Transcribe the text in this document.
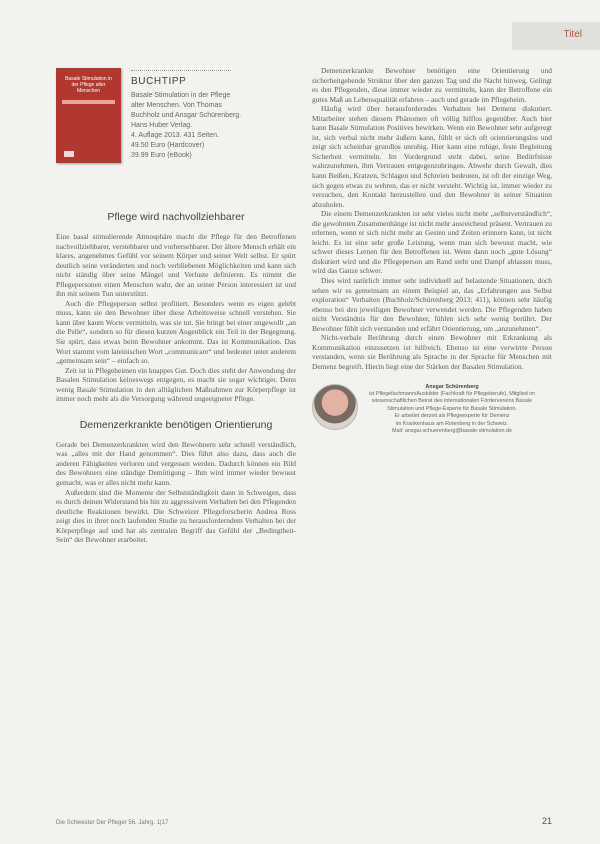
Titel
Basale Stimulation in der Pflege alter Menschen
BUCHTIPP
Basale Stimulation in der Pflege
alter Menschen. Von Thomas
Buchholz und Ansgar Schürenberg.
Hans Huber Verlag.
4. Auflage 2013. 431 Seiten.
49.50 Euro (Hardcover)
39.99 Euro (eBook)
Pflege wird nachvollziehbarer

Eine basal stimulierende Atmosphäre macht die Pflege für den Betroffenen nachvollziehbarer, verstehbarer und vorhersehbarer. Der ältere Mensch erhält ein klares, angenehmes Gefühl vor seinem Körper und seiner Welt selbst. Er spürt deutlich seine veränderten und noch verbliebenen Möglichkeiten und kann sich nicht ständig über seine Mängel und Verluste definieren. Es nimmt die Pflegepersonen einen Menschen wahr, der an seiner Person interessiert ist und ihn mit seinem Tun unterstützt.

Auch die Pflegeperson selbst profitiert. Besonders wenn es eigen gelebt muss, kann sie den Bewohner über diese Arbeitsweise schnell verstehen. Sie kann über kaum Worte vermitteln, was sie tut. Sie bringt bei einer ungewollt „an die Pelle“, sondern so für diesen kurzen Augenblick ein Teil in der Begegnung. Sie spürt, dass etwas beim Bewohner ankommt. Das ist Kommunikation. Das Wort stammt vom lateinischen Wort „communicare“ und bedeutet unter anderem „gemeinsam sein“ – einfach so.

Zeit ist in Pflegeheimen ein knappes Gut. Doch dies steht der Anwendung der Basalen Stimulation keineswegs entgegen, es macht sie sogar wichtiger. Denn wenig Basale Stimulation in den alltäglichen Maßnahmen zur Körperpflege ist immer noch mehr als die Versorgung während ungeeigneter Pflege.

Demenzerkrankte benötigen Orientierung

Gerade bei Demenzerkrankten wird den Bewohnern sehr schnell verständlich, was „alles mit der Hand genommen“. Dies führt also dazu, dass auch die anderen Fähigkeiten verloren und vergessen werden. Dadurch können ein Bild des Bewohners eine ständige Demütigung – Ihm wird immer wieder bewusst gemacht, was er alles nicht mehr kann.

Außerdem sind die Momente der Selbstständigkeit dann in Schweigen, dass es durch deinen Widerstand bis hin zu aggressivem Verhalten bei den Pflegenden deutliche Reaktionen bewirkt. Die Schweizer Pflegeforscherin Andrea Ross zeigt dies in ihrer noch laufenden Studie zu herausforderndem Verhalten bei der Körperpflege auf und hat als zentralen Begriff das Gefühl der „Bedingtheit-Sein“ der Bewohner erarbeitet.

Demenzerkrankte Bewohner benötigen eine Orientierung und sicherheitgebende Struktur über den ganzen Tag und die Nacht hinweg. Gelingt es den Pflegenden, diese immer wieder zu vermitteln, kann der Betroffene ein gutes Maß an Lebensqualität erfahren – auch und gerade im Pflegeheim.

Häufig wird über herausforderndes Verhalten bei Demenz diskutiert. Mitarbeiter stehen diesem Phänomen oft völlig hilflos gegenüber. Auch hier kann Basale Stimulation Positives bewirken. Wenn ein Bewohner sehr aufgeregt ist, sich verbal nicht mehr äußern kann, fühlt er sich oft orientierungslos und zeigt sich scheinbar grundlos unruhig. Hier kann eine ruhige, feste Begleitung Sicherheit vermitteln. Im Vordergrund steht dabei, seine Bedürfnisse wahrzunehmen, ihm Vertrauen entgegenzubringen. Abwehr durch Gewalt, dies kann Beißen, Kratzen, Schlagen und Schreien bedeuten, ist oft der einzige Weg, sich gegen etwas zu wehren, das er nicht versteht. Wichtig ist, immer wieder zu versuchen, den Kontakt herzustellen und den Bewohner in seiner Situation abzuholen.

Die einem Demenzerkrankten ist sehr vieles nicht mehr „selbstverständlich“, die gewohnten Zusammenhänge ist nicht mehr ausreichend präsent. Vertrauen zu erlernen, wenn er sich nicht mehr an Gesten und Zeiten erinnern kann, ist nicht leicht. Es ist eine sehr große Leistung, wenn man sich bewusst macht, wie schwer dieses Lernen für den Betroffenen ist. Wenn dann noch „gute Lösung“ diskutiert wird und die Pflegeperson am Rand steht und Dampf ablassen muss, wird das Ganze schwer.

Dies wird natürlich immer sehr individuell auf belastende Situationen, doch sehen wir es gemeinsam an einem Beispiel an, das „Erfahrungen aus Selbst exploration“ Verhalten (Buchholz/Schürenberg 2013: 411), können sehr häufig ebenso bei den jeweiligen Bewohner verwendet werden. Die Pflegenden haben nicht Verständnis für den Bewohner, fühlen sich sehr wenig berührt. Der Bewohner fühlt sich verstanden und erfährt Orientierung, um „anzunehmen“.

Nicht-verbale Berührung durch einen Bewohner mit Erkrankung als Kommunikation einzusetzen ist hilfreich. Ebenso ist eine verwirrte Person verstanden, wenn sie Berührung als Sprache in der Sprache für Menschen mit Demenz begreift. Hierin liegt eine der Stärken der Basalen Stimulation.

Ansgar Schürenberg
ist Pflegefachmann/Ausbilder (Fachkraft für Pflegeberufe), Mitglied im
wissenschaftlichen Beirat des internationalen Fördervereins Basale
Stimulation und Pflege-Experte für Basale Stimulation.
Er arbeitet derzeit als Pflegeexperte für Demenz
im Krankenhaus am Rotenberg in der Schweiz.
Mail: ansgar.schuerenberg@basale-stimulation.de
Die Schwester Der Pfleger 56. Jahrg. 1|17	21
